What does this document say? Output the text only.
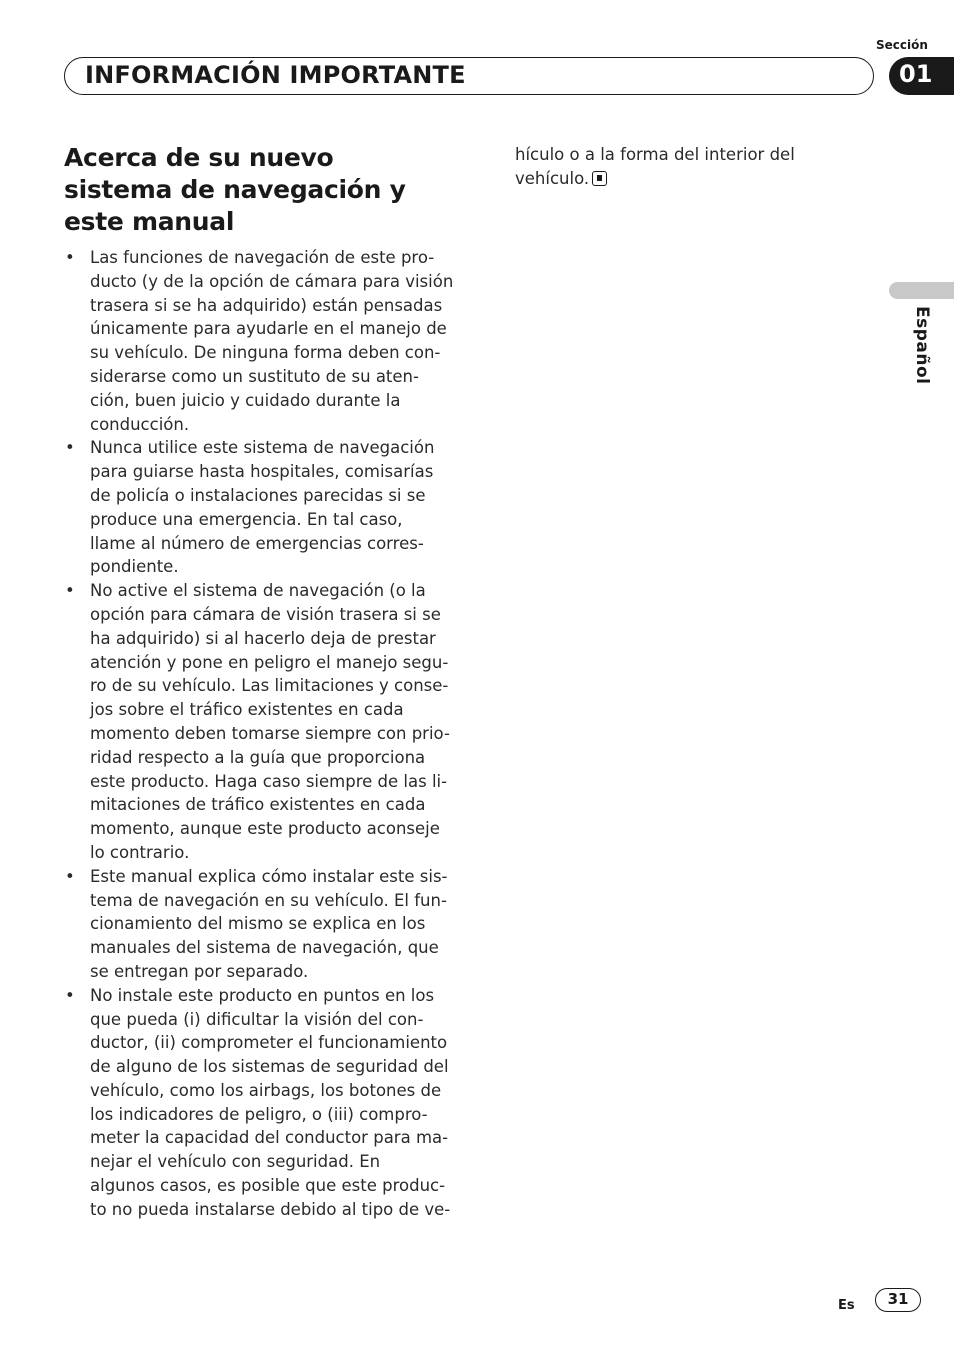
Sección
INFORMACIÓN IMPORTANTE	01
Español
Acerca de su nuevo
sistema de navegación y
este manual
• Las funciones de navegación de este pro-
ducto (y de la opción de cámara para visión
trasera si se ha adquirido) están pensadas
únicamente para ayudarle en el manejo de
su vehículo. De ninguna forma deben con-
siderarse como un sustituto de su aten-
ción, buen juicio y cuidado durante la
conducción.
• Nunca utilice este sistema de navegación
para guiarse hasta hospitales, comisarías
de policía o instalaciones parecidas si se
produce una emergencia. En tal caso,
llame al número de emergencias corres-
pondiente.
• No active el sistema de navegación (o la
opción para cámara de visión trasera si se
ha adquirido) si al hacerlo deja de prestar
atención y pone en peligro el manejo segu-
ro de su vehículo. Las limitaciones y conse-
jos sobre el tráfico existentes en cada
momento deben tomarse siempre con prio-
ridad respecto a la guía que proporciona
este producto. Haga caso siempre de las li-
mitaciones de tráfico existentes en cada
momento, aunque este producto aconseje
lo contrario.
• Este manual explica cómo instalar este sis-
tema de navegación en su vehículo. El fun-
cionamiento del mismo se explica en los
manuales del sistema de navegación, que
se entregan por separado.
• No instale este producto en puntos en los
que pueda (i) dificultar la visión del con-
ductor, (ii) comprometer el funcionamiento
de alguno de los sistemas de seguridad del
vehículo, como los airbags, los botones de
los indicadores de peligro, o (iii) compro-
meter la capacidad del conductor para ma-
nejar el vehículo con seguridad. En
algunos casos, es posible que este produc-
to no pueda instalarse debido al tipo de ve-
hículo o a la forma del interior del
vehículo.
Es	31
